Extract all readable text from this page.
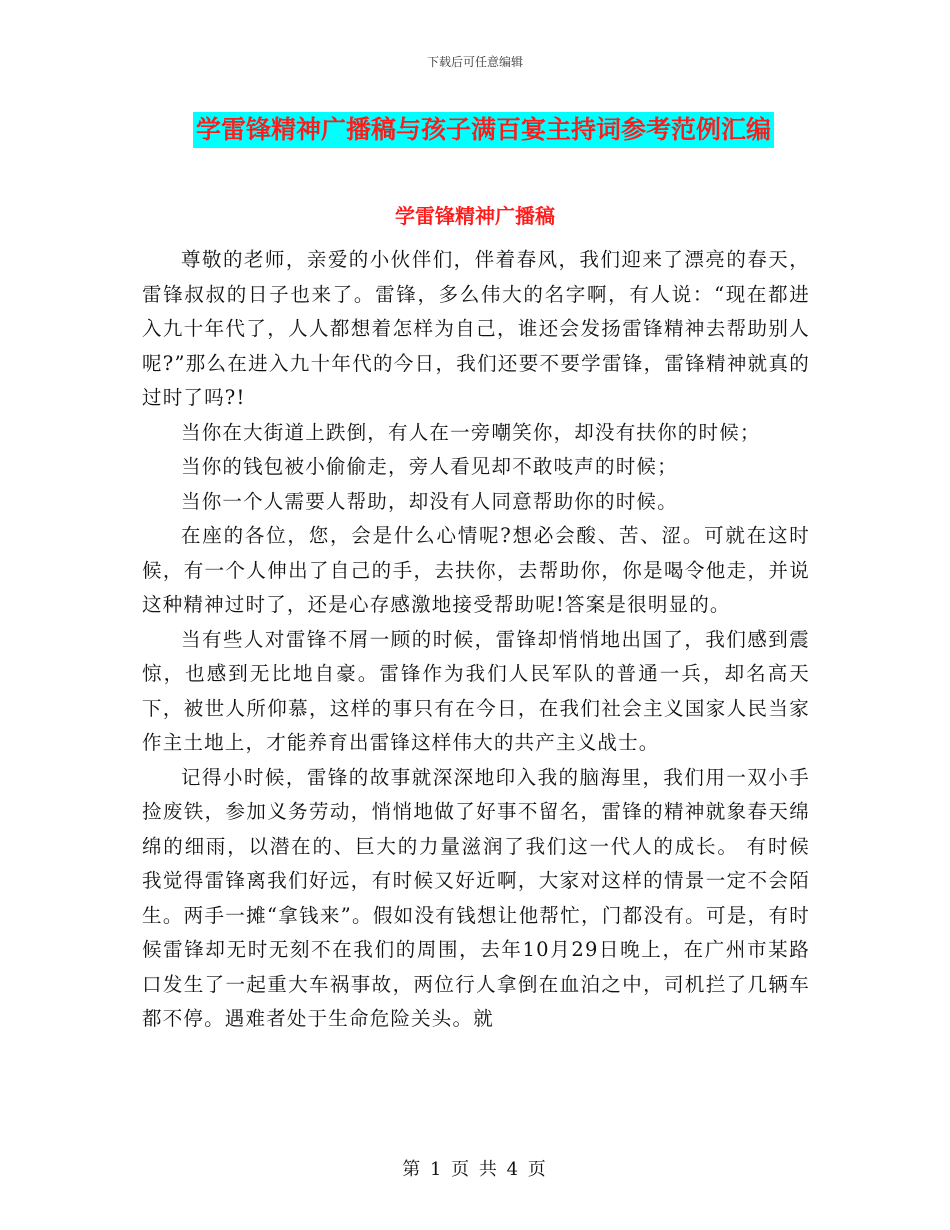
下载后可任意编辑
学雷锋精神广播稿与孩子满百宴主持词参考范例汇编
学雷锋精神广播稿

尊敬的老师，亲爱的小伙伴们，伴着春风，我们迎来了漂亮的春天，雷锋叔叔的日子也来了。雷锋，多么伟大的名字啊，有人说：“现在都进入九十年代了，人人都想着怎样为自己，谁还会发扬雷锋精神去帮助别人呢?”那么在进入九十年代的今日，我们还要不要学雷锋，雷锋精神就真的过时了吗?!

当你在大街道上跌倒，有人在一旁嘲笑你，却没有扶你的时候；

当你的钱包被小偷偷走，旁人看见却不敢吱声的时候；

当你一个人需要人帮助，却没有人同意帮助你的时候。

在座的各位，您，会是什么心情呢?想必会酸、苦、涩。可就在这时候，有一个人伸出了自己的手，去扶你，去帮助你，你是喝令他走，并说这种精神过时了，还是心存感激地接受帮助呢!答案是很明显的。

当有些人对雷锋不屑一顾的时候，雷锋却悄悄地出国了，我们感到震惊，也感到无比地自豪。雷锋作为我们人民军队的普通一兵，却名高天下，被世人所仰慕，这样的事只有在今日，在我们社会主义国家人民当家作主土地上，才能养育出雷锋这样伟大的共产主义战士。

记得小时候，雷锋的故事就深深地印入我的脑海里，我们用一双小手捡废铁，参加义务劳动，悄悄地做了好事不留名，雷锋的精神就象春天绵绵的细雨，以潜在的、巨大的力量滋润了我们这一代人的成长。 有时候我觉得雷锋离我们好远，有时候又好近啊，大家对这样的情景一定不会陌生。两手一摊“拿钱来”。假如没有钱想让他帮忙，门都没有。可是，有时候雷锋却无时无刻不在我们的周围，去年10月29日晚上，在广州市某路口发生了一起重大车祸事故，两位行人拿倒在血泊之中，司机拦了几辆车都不停。遇难者处于生命危险关头。就

第 1 页 共 4 页
